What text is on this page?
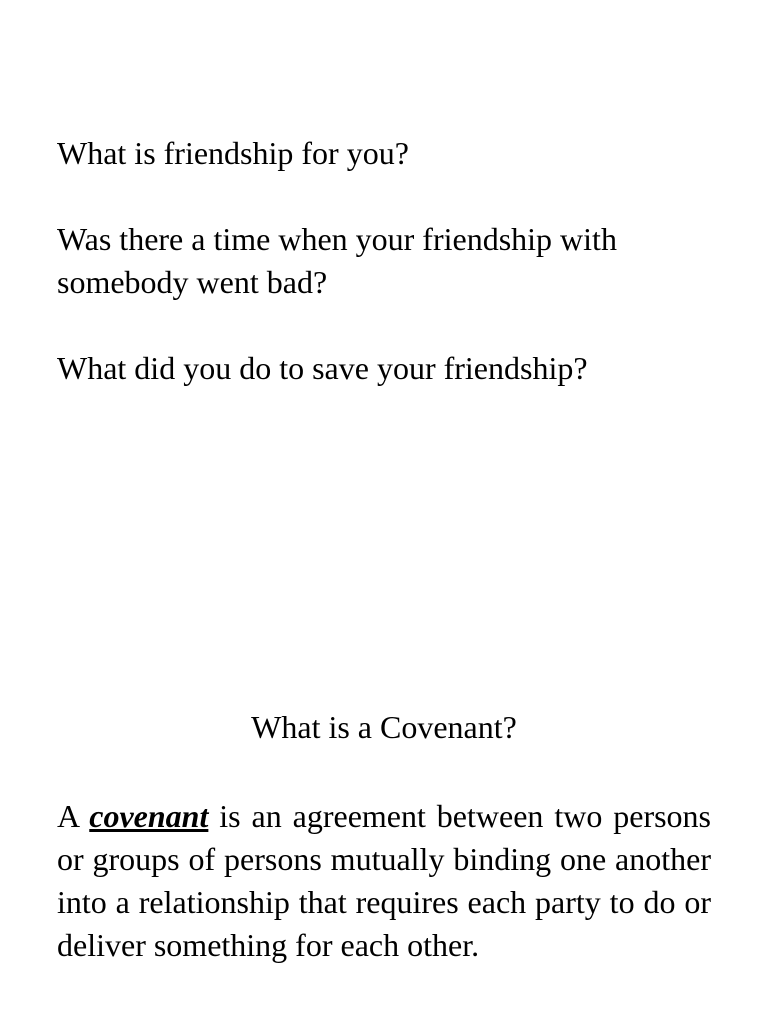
What is friendship for you?

Was there a time when your friendship with
somebody went bad?

What did you do to save your friendship?

What is a Covenant?

A covenant is an agreement between two persons or groups of persons mutually binding one another into a relationship that requires each party to do or deliver something for each other.
